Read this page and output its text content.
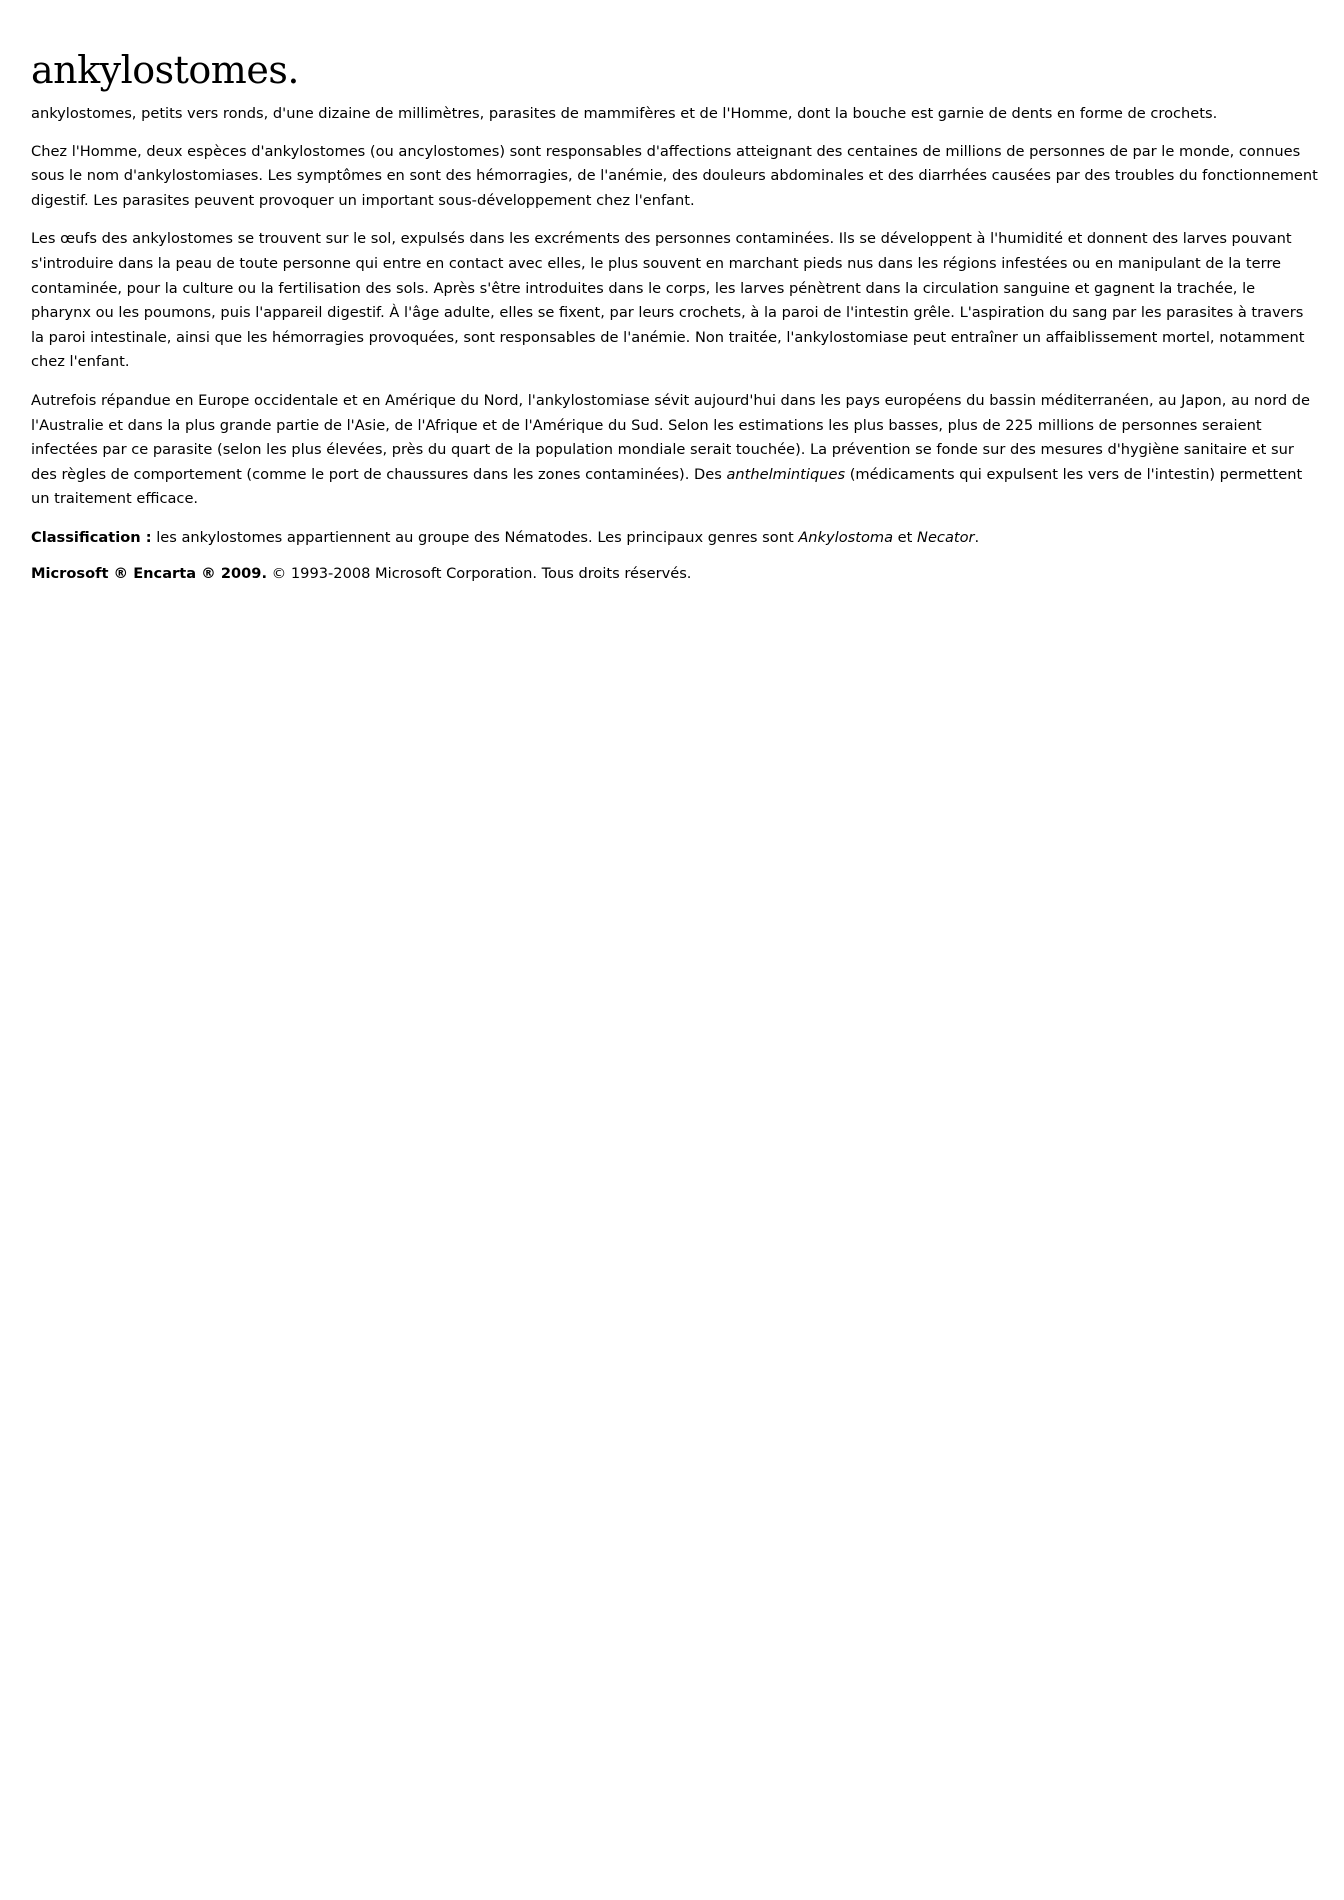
ankylostomes.

ankylostomes, petits vers ronds, d'une dizaine de millimètres, parasites de mammifères et de l'Homme, dont la bouche est garnie de dents en forme de crochets.

Chez l'Homme, deux espèces d'ankylostomes (ou ancylostomes) sont responsables d'affections atteignant des centaines de millions de personnes de par le monde, connues sous le nom d'ankylostomiases. Les symptômes en sont des hémorragies, de l'anémie, des douleurs abdominales et des diarrhées causées par des troubles du fonctionnement digestif. Les parasites peuvent provoquer un important sous-développement chez l'enfant.

Les œufs des ankylostomes se trouvent sur le sol, expulsés dans les excréments des personnes contaminées. Ils se développent à l'humidité et donnent des larves pouvant s'introduire dans la peau de toute personne qui entre en contact avec elles, le plus souvent en marchant pieds nus dans les régions infestées ou en manipulant de la terre contaminée, pour la culture ou la fertilisation des sols. Après s'être introduites dans le corps, les larves pénètrent dans la circulation sanguine et gagnent la trachée, le pharynx ou les poumons, puis l'appareil digestif. À l'âge adulte, elles se fixent, par leurs crochets, à la paroi de l'intestin grêle. L'aspiration du sang par les parasites à travers la paroi intestinale, ainsi que les hémorragies provoquées, sont responsables de l'anémie. Non traitée, l'ankylostomiase peut entraîner un affaiblissement mortel, notamment chez l'enfant.

Autrefois répandue en Europe occidentale et en Amérique du Nord, l'ankylostomiase sévit aujourd'hui dans les pays européens du bassin méditerranéen, au Japon, au nord de l'Australie et dans la plus grande partie de l'Asie, de l'Afrique et de l'Amérique du Sud. Selon les estimations les plus basses, plus de 225 millions de personnes seraient infectées par ce parasite (selon les plus élevées, près du quart de la population mondiale serait touchée). La prévention se fonde sur des mesures d'hygiène sanitaire et sur des règles de comportement (comme le port de chaussures dans les zones contaminées). Des anthelmintiques (médicaments qui expulsent les vers de l'intestin) permettent un traitement efficace.

Classification : les ankylostomes appartiennent au groupe des Nématodes. Les principaux genres sont Ankylostoma et Necator.

Microsoft ® Encarta ® 2009. © 1993-2008 Microsoft Corporation. Tous droits réservés.
